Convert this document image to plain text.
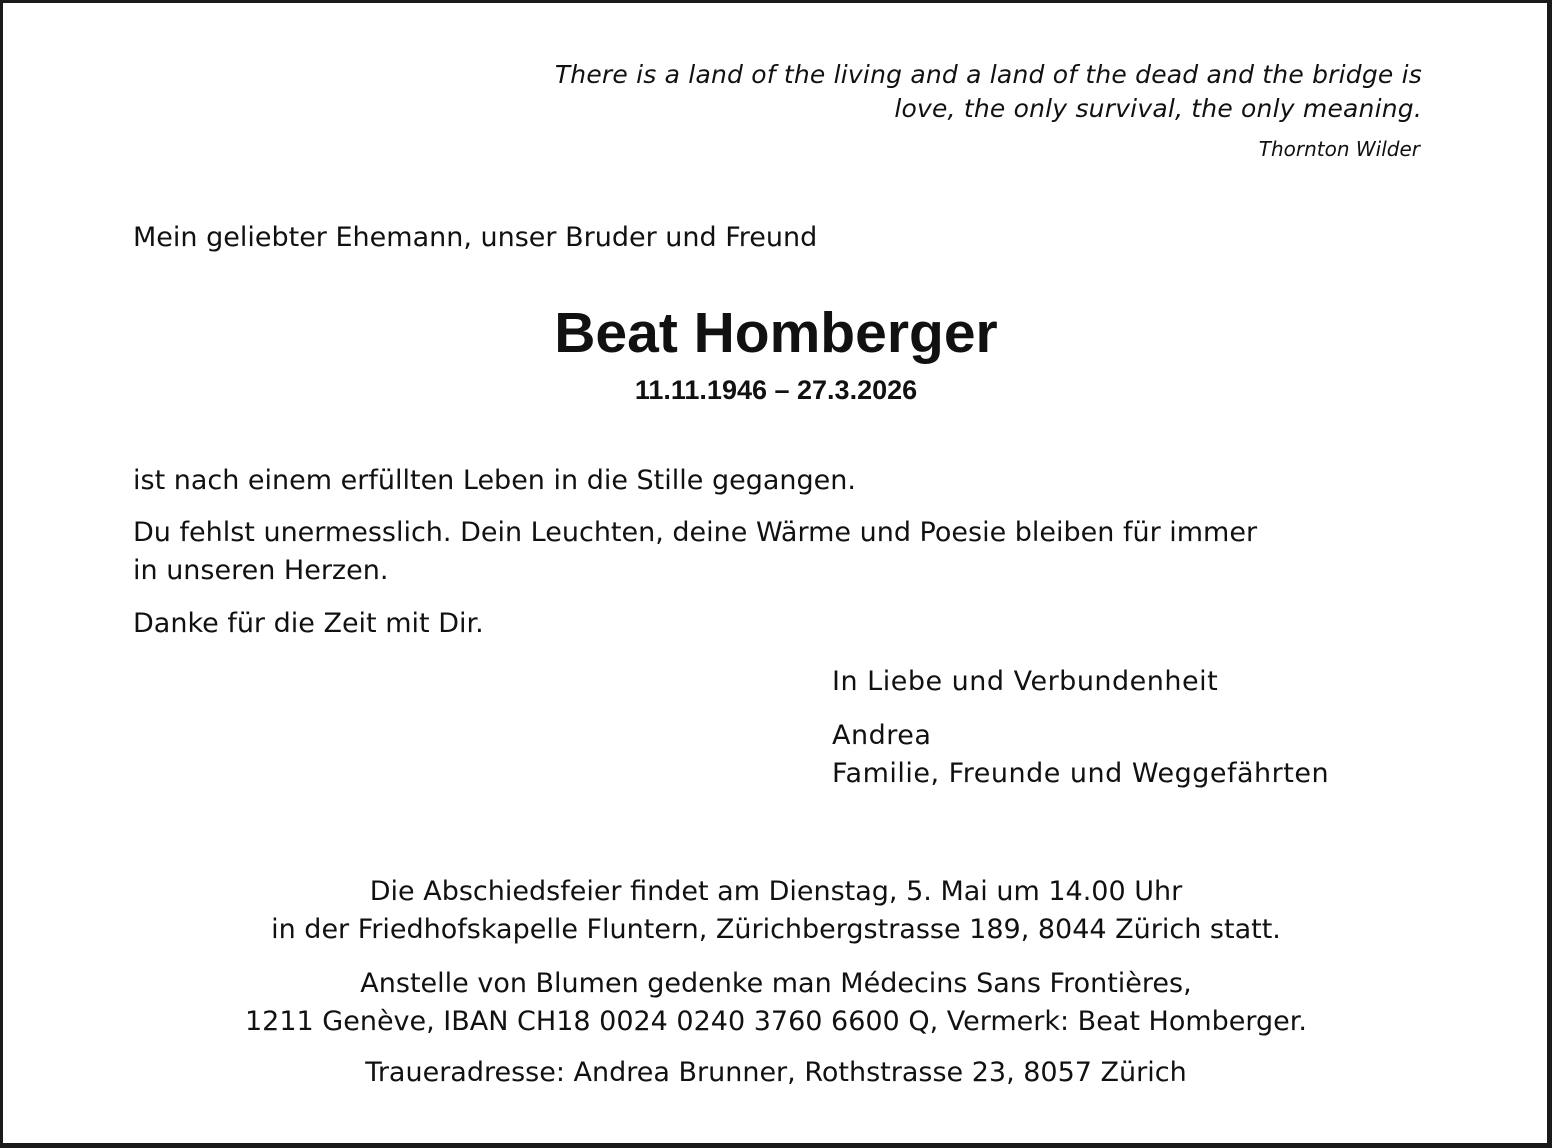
There is a land of the living and a land of the dead and the bridge is
love, the only survival, the only meaning.
Thornton Wilder
Mein geliebter Ehemann, unser Bruder und Freund
Beat Homberger
11.11.1946 – 27.3.2026
ist nach einem erfüllten Leben in die Stille gegangen.
Du fehlst unermesslich. Dein Leuchten, deine Wärme und Poesie bleiben für immer
in unseren Herzen.
Danke für die Zeit mit Dir.
In Liebe und Verbundenheit
Andrea
Familie, Freunde und Weggefährten
Die Abschiedsfeier findet am Dienstag, 5. Mai um 14.00 Uhr
in der Friedhofskapelle Fluntern, Zürichbergstrasse 189, 8044 Zürich statt.
Anstelle von Blumen gedenke man Médecins Sans Frontières,
1211 Genève, IBAN CH18 0024 0240 3760 6600 Q, Vermerk: Beat Homberger.
Traueradresse: Andrea Brunner, Rothstrasse 23, 8057 Zürich
